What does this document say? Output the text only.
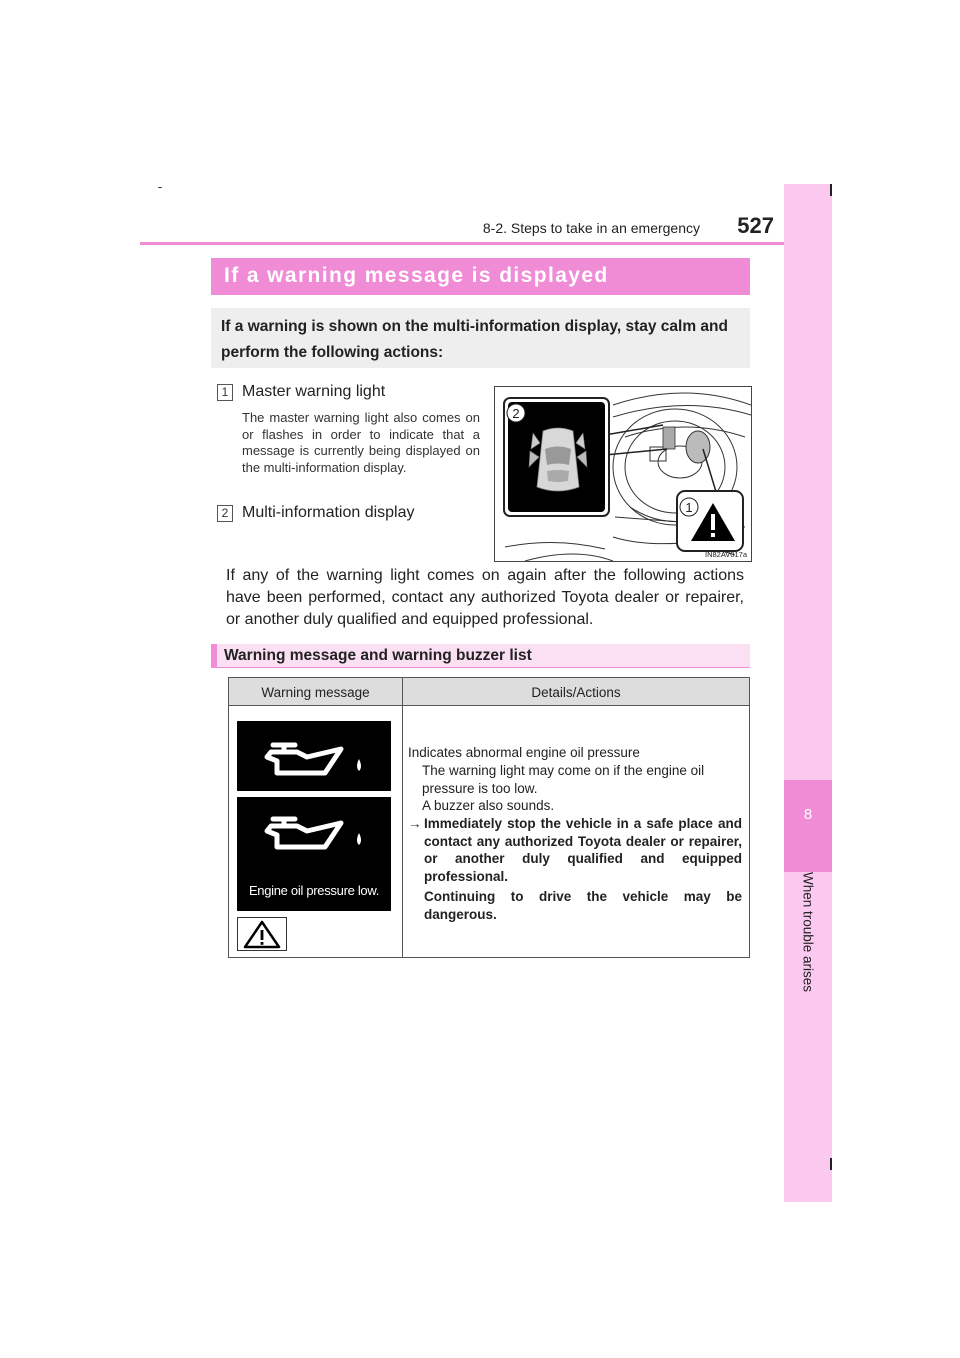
8-2. Steps to take in an emergency	527
8
When trouble arises
If a warning message is displayed
If a warning is shown on the multi-information display, stay calm and perform the following actions:
1 Master warning light
The master warning light also comes on or flashes in order to indicate that a message is currently being displayed on the multi-information display.
2 Multi-information display
2
1
IN82AV017a
If any of the warning light comes on again after the following actions have been performed, contact any authorized Toyota dealer or repairer, or another duly qualified and equipped professional.
Warning message and warning buzzer list
Warning message	Details/Actions
Engine oil pressure low.
Indicates abnormal engine oil pressure
The warning light may come on if the engine oil pressure is too low.
A buzzer also sounds.
→ Immediately stop the vehicle in a safe place and contact any authorized Toyota dealer or repairer, or another duly qualified and equipped professional.
Continuing to drive the vehicle may be dangerous.
